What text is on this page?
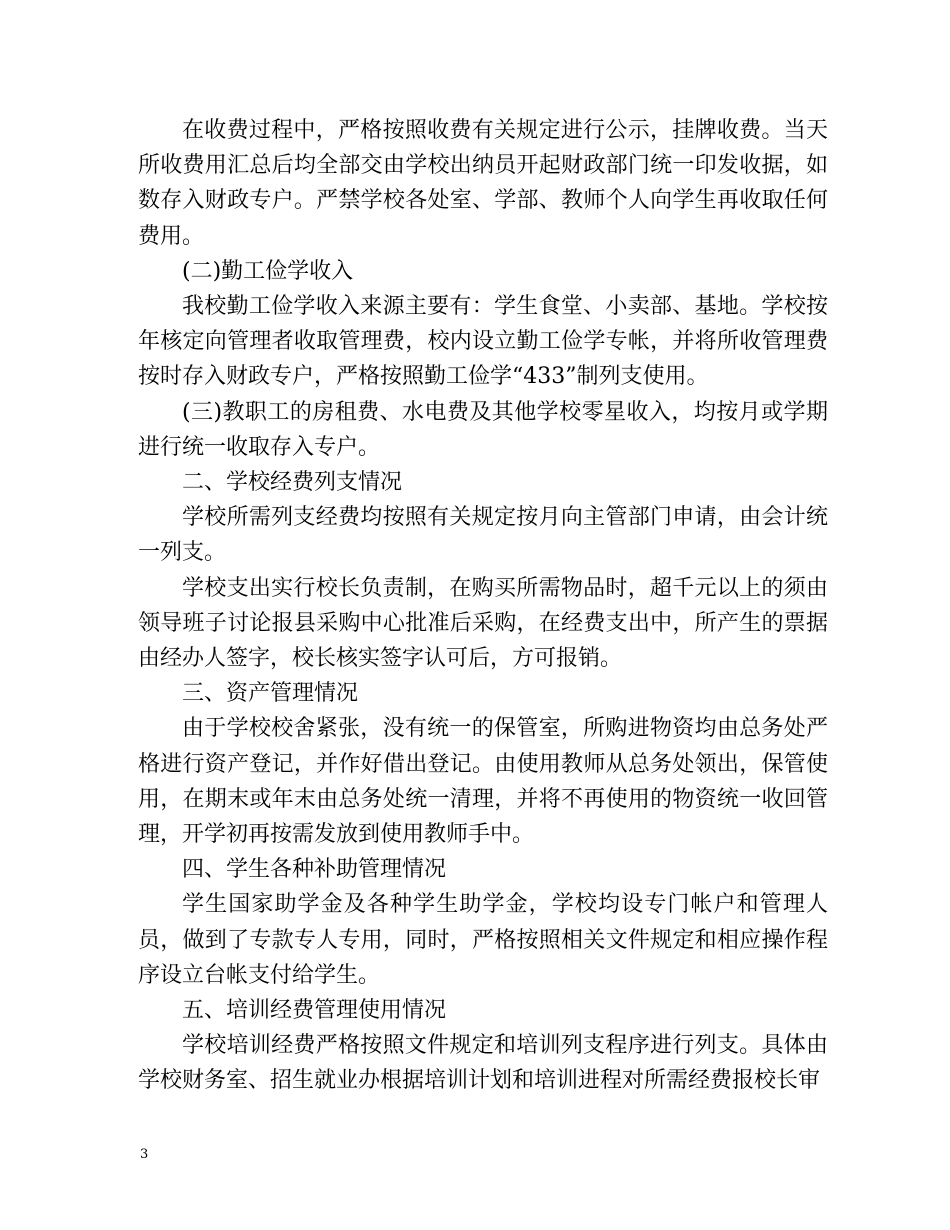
在收费过程中，严格按照收费有关规定进行公示，挂牌收费。当天所收费用汇总后均全部交由学校出纳员开起财政部门统一印发收据，如数存入财政专户。严禁学校各处室、学部、教师个人向学生再收取任何费用。

(二)勤工俭学收入

我校勤工俭学收入来源主要有：学生食堂、小卖部、基地。学校按年核定向管理者收取管理费，校内设立勤工俭学专帐，并将所收管理费按时存入财政专户，严格按照勤工俭学“433”制列支使用。

(三)教职工的房租费、水电费及其他学校零星收入，均按月或学期进行统一收取存入专户。

二、学校经费列支情况

学校所需列支经费均按照有关规定按月向主管部门申请，由会计统一列支。

学校支出实行校长负责制，在购买所需物品时，超千元以上的须由领导班子讨论报县采购中心批准后采购，在经费支出中，所产生的票据由经办人签字，校长核实签字认可后，方可报销。

三、资产管理情况

由于学校校舍紧张，没有统一的保管室，所购进物资均由总务处严格进行资产登记，并作好借出登记。由使用教师从总务处领出，保管使用，在期末或年末由总务处统一清理，并将不再使用的物资统一收回管理，开学初再按需发放到使用教师手中。

四、学生各种补助管理情况

学生国家助学金及各种学生助学金，学校均设专门帐户和管理人员，做到了专款专人专用，同时，严格按照相关文件规定和相应操作程序设立台帐支付给学生。

五、培训经费管理使用情况

学校培训经费严格按照文件规定和培训列支程序进行列支。具体由学校财务室、招生就业办根据培训计划和培训进程对所需经费报校长审

3
